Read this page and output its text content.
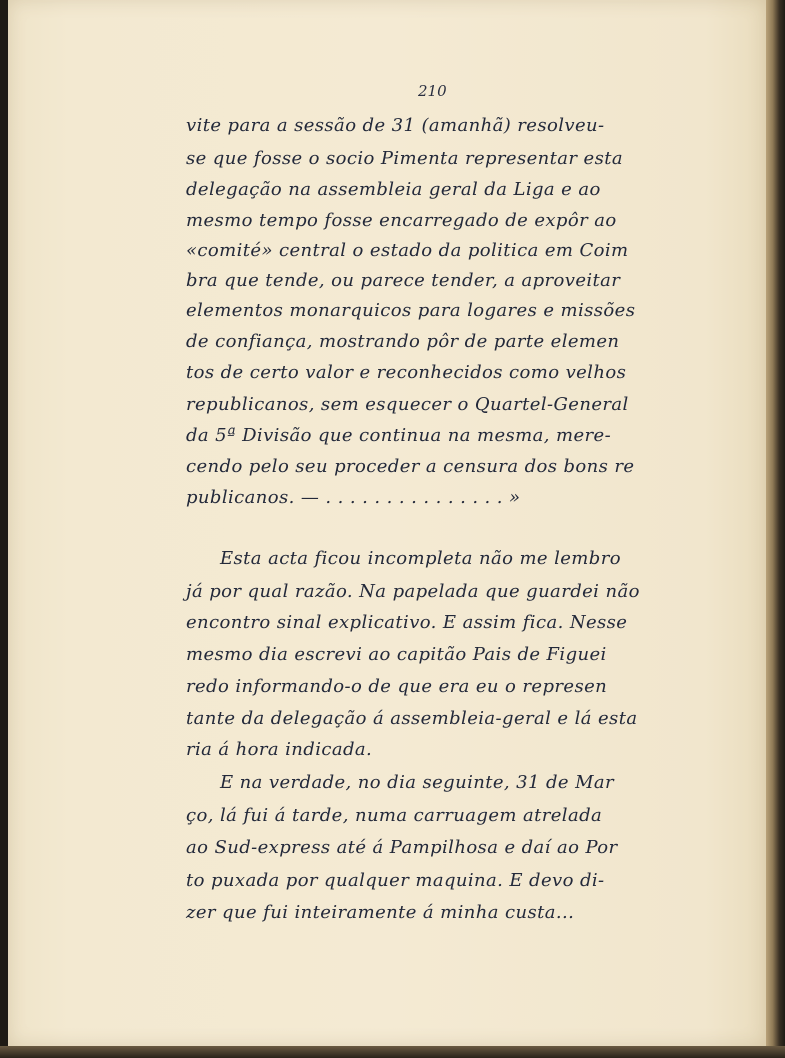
210
vite para a sessão de 31 (amanhã) resolveu-
se que fosse o socio Pimenta representar esta
delegação na assembleia geral da Liga e ao
mesmo tempo fosse encarregado de expôr ao
«comité» central o estado da politica em Coim
bra que tende, ou parece tender, a aproveitar
elementos monarquicos para logares e missões
de confiança, mostrando pôr de parte elemen
tos de certo valor e reconhecidos como velhos
republicanos, sem esquecer o Quartel-General
da 5ª Divisão que continua na mesma, mere-
cendo pelo seu proceder a censura dos bons re
publicanos. — . . . . . . . . . . . . . . . »
Esta acta ficou incompleta não me lembro
já por qual razão. Na papelada que guardei não
encontro sinal explicativo. E assim fica. Nesse
mesmo dia escrevi ao capitão Pais de Figuei
redo informando-o de que era eu o represen
tante da delegação á assembleia-geral e lá esta
ria á hora indicada.
E na verdade, no dia seguinte, 31 de Mar
ço, lá fui á tarde, numa carruagem atrelada
ao Sud-express até á Pampilhosa e daí ao Por
to puxada por qualquer maquina. E devo di-
zer que fui inteiramente á minha custa...
